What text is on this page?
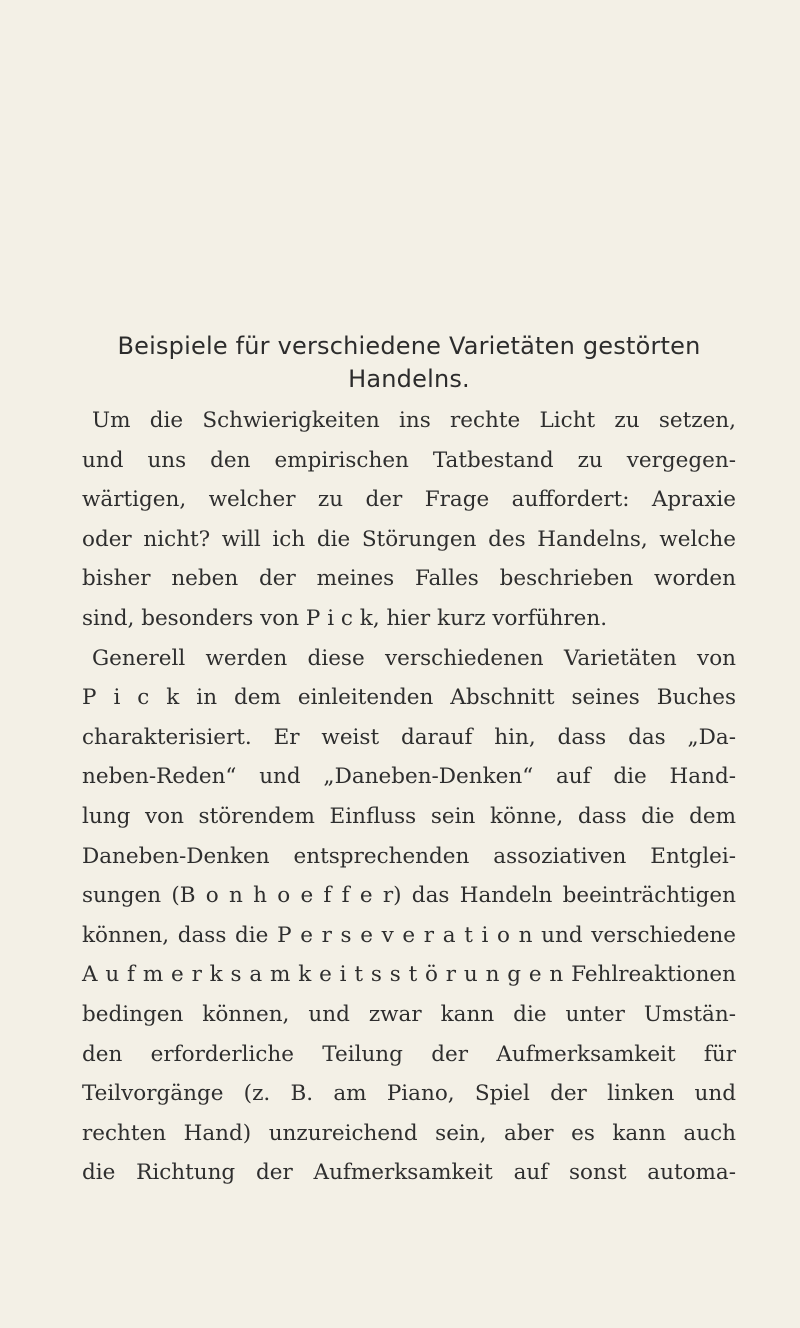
Beispiele für verschiedene Varietäten gestörten
Handelns.
Um die Schwierigkeiten ins rechte Licht zu setzen,
und uns den empirischen Tatbestand zu vergegen-
wärtigen, welcher zu der Frage auffordert: Apraxie
oder nicht? will ich die Störungen des Handelns, welche
bisher neben der meines Falles beschrieben worden
sind, besonders von P i c k, hier kurz vorführen.
Generell werden diese verschiedenen Varietäten von
P i c k in dem einleitenden Abschnitt seines Buches
charakterisiert. Er weist darauf hin, dass das „Da-
neben-Reden“ und „Daneben-Denken“ auf die Hand-
lung von störendem Einfluss sein könne, dass die dem
Daneben-Denken entsprechenden assoziativen Entglei-
sungen (B o n h o e f f e r) das Handeln beeinträchtigen
können, dass die P e r s e v e r a t i o n und verschiedene
A u f m e r k s a m k e i t s s t ö r u n g e n Fehlreaktionen
bedingen können, und zwar kann die unter Umstän-
den erforderliche Teilung der Aufmerksamkeit für
Teilvorgänge (z. B. am Piano, Spiel der linken und
rechten Hand) unzureichend sein, aber es kann auch
die Richtung der Aufmerksamkeit auf sonst automa-
